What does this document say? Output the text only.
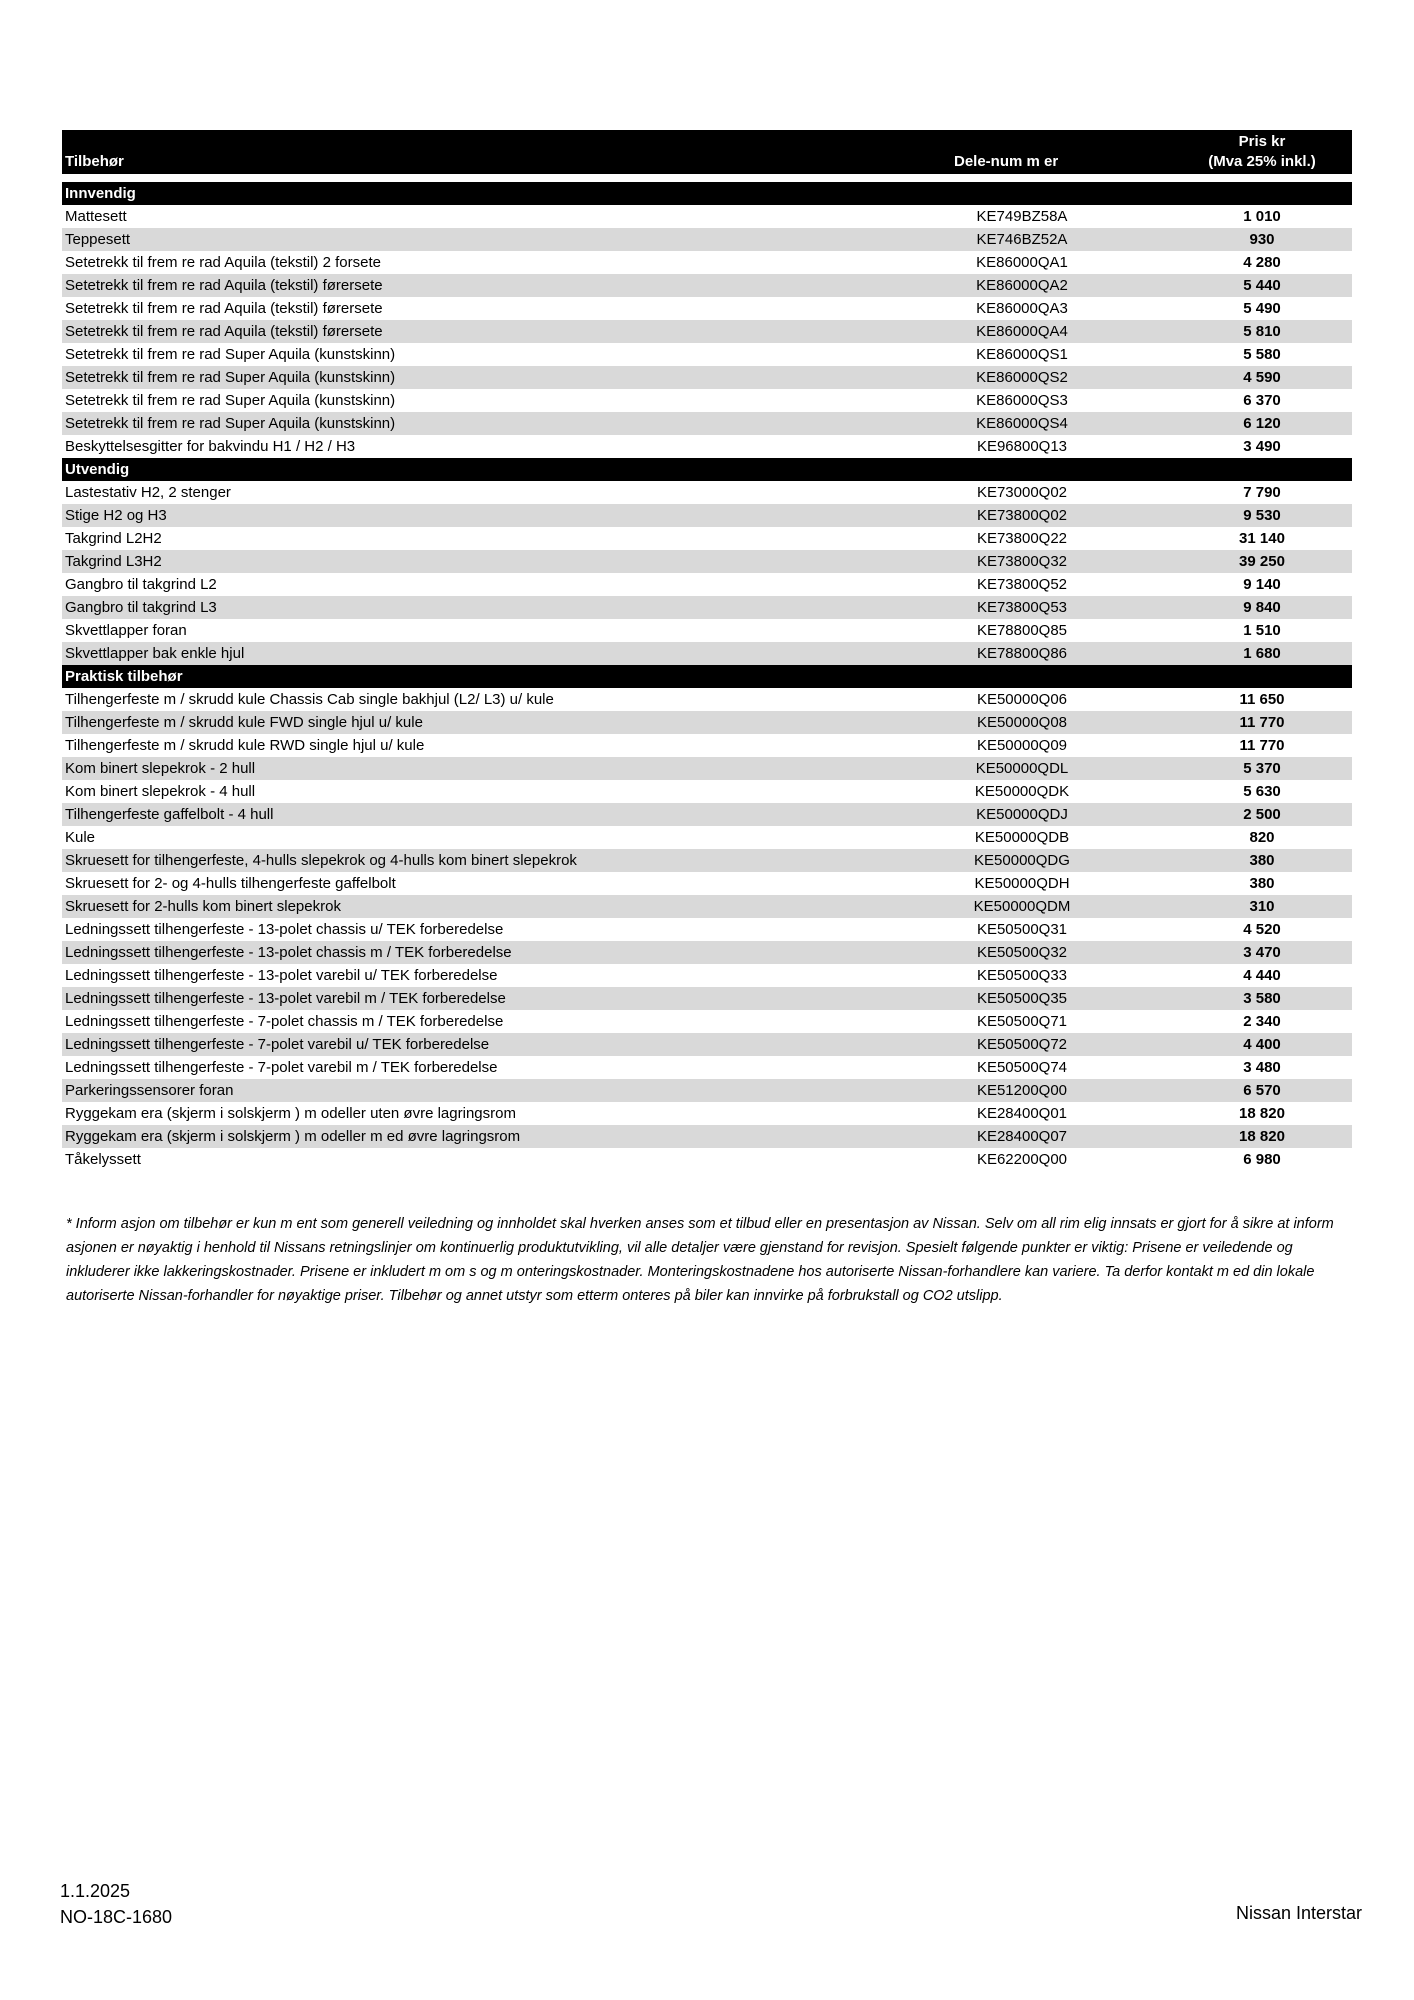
Tilbehør	Dele-num m er
Pris kr
(Mva 25% inkl.)
Innvendig
Mattesett	KE749BZ58A	1 010
Teppesett	KE746BZ52A	930
Setetrekk til frem re rad Aquila (tekstil) 2 forsete	KE86000QA1	4 280
Setetrekk til frem re rad Aquila (tekstil) førersete	KE86000QA2	5 440
Setetrekk til frem re rad Aquila (tekstil) førersete	KE86000QA3	5 490
Setetrekk til frem re rad Aquila (tekstil) førersete	KE86000QA4	5 810
Setetrekk til frem re rad Super Aquila (kunstskinn)	KE86000QS1	5 580
Setetrekk til frem re rad Super Aquila (kunstskinn)	KE86000QS2	4 590
Setetrekk til frem re rad Super Aquila (kunstskinn)	KE86000QS3	6 370
Setetrekk til frem re rad Super Aquila (kunstskinn)	KE86000QS4	6 120
Beskyttelsesgitter for bakvindu H1 / H2 / H3	KE96800Q13	3 490
Utvendig
Lastestativ H2, 2 stenger	KE73000Q02	7 790
Stige H2 og H3	KE73800Q02	9 530
Takgrind L2H2	KE73800Q22	31 140
Takgrind L3H2	KE73800Q32	39 250
Gangbro til takgrind L2	KE73800Q52	9 140
Gangbro til takgrind L3	KE73800Q53	9 840
Skvettlapper foran	KE78800Q85	1 510
Skvettlapper bak enkle hjul	KE78800Q86	1 680
Praktisk tilbehør
Tilhengerfeste m / skrudd kule Chassis Cab single bakhjul (L2/ L3) u/ kule	KE50000Q06	11 650
Tilhengerfeste m / skrudd kule FWD single hjul u/ kule	KE50000Q08	11 770
Tilhengerfeste m / skrudd kule RWD single hjul u/ kule	KE50000Q09	11 770
Kom binert slepekrok - 2 hull	KE50000QDL	5 370
Kom binert slepekrok - 4 hull	KE50000QDK	5 630
Tilhengerfeste gaffelbolt - 4 hull	KE50000QDJ	2 500
Kule	KE50000QDB	820
Skruesett for tilhengerfeste, 4-hulls slepekrok og 4-hulls kom binert slepekrok	KE50000QDG	380
Skruesett for 2- og 4-hulls tilhengerfeste gaffelbolt	KE50000QDH	380
Skruesett for 2-hulls kom binert slepekrok	KE50000QDM	310
Ledningssett tilhengerfeste - 13-polet chassis u/ TEK forberedelse	KE50500Q31	4 520
Ledningssett tilhengerfeste - 13-polet chassis m / TEK forberedelse	KE50500Q32	3 470
Ledningssett tilhengerfeste - 13-polet varebil u/ TEK forberedelse	KE50500Q33	4 440
Ledningssett tilhengerfeste - 13-polet varebil m / TEK forberedelse	KE50500Q35	3 580
Ledningssett tilhengerfeste - 7-polet chassis m / TEK forberedelse	KE50500Q71	2 340
Ledningssett tilhengerfeste - 7-polet varebil u/ TEK forberedelse	KE50500Q72	4 400
Ledningssett tilhengerfeste - 7-polet varebil m / TEK forberedelse	KE50500Q74	3 480
Parkeringssensorer foran	KE51200Q00	6 570
Ryggekam era (skjerm i solskjerm ) m odeller uten øvre lagringsrom	KE28400Q01	18 820
Ryggekam era (skjerm i solskjerm ) m odeller m ed øvre lagringsrom	KE28400Q07	18 820
Tåkelyssett	KE62200Q00	6 980
* Inform asjon om tilbehør er kun m ent som generell veiledning og innholdet skal hverken anses som et tilbud eller en presentasjon av Nissan. Selv om all rim elig innsats er gjort for å sikre at inform asjonen er nøyaktig i henhold til Nissans retningslinjer om kontinuerlig produktutvikling, vil alle detaljer være gjenstand for revisjon. Spesielt følgende punkter er viktig: Prisene er veiledende og inkluderer ikke lakkeringskostnader. Prisene er inkludert m om s og m onteringskostnader. Monteringskostnadene hos autoriserte Nissan-forhandlere kan variere. Ta derfor kontakt m ed din lokale autoriserte Nissan-forhandler for nøyaktige priser. Tilbehør og annet utstyr som etterm onteres på biler kan innvirke på forbrukstall og CO2 utslipp.
1.1.2025
NO-18C-1680	Nissan Interstar
